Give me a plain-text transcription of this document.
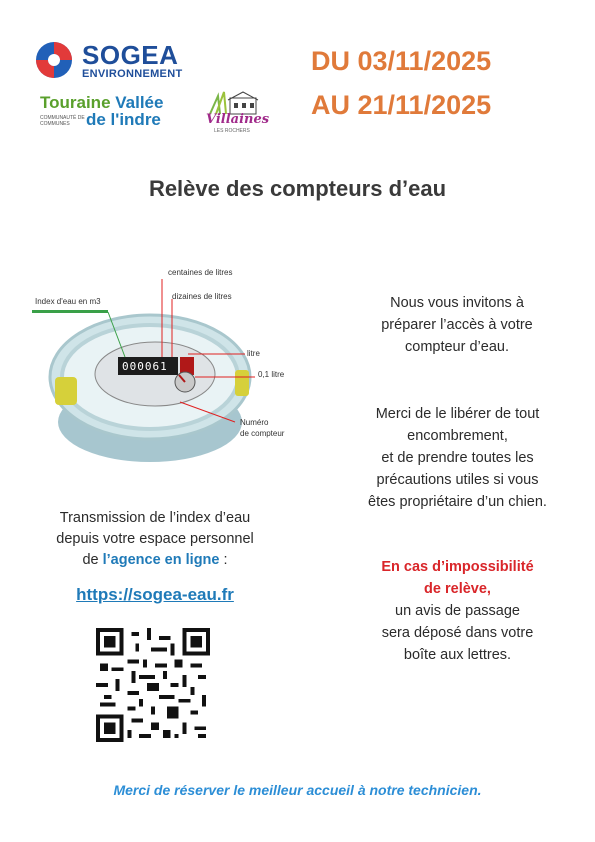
SOGEA
ENVIRONNEMENT
Touraine Vallée
COMMUNAUTÉ DE COMMUNES de l'indre	Villaines
LES ROCHERS
DU 03/11/2025
AU 21/11/2025
Relève des compteurs d’eau
Index d'eau en m3
centaines de litres
dizaines de litres
litre
0,1 litre
Numéro
de compteur
000061
Nous vous invitons à
préparer l’accès à votre
compteur d’eau.
Merci de le libérer de tout
encombrement,
et de prendre toutes les
précautions utiles si vous
êtes propriétaire d’un chien.
En cas d’impossibilité
de relève,
un avis de passage
sera déposé dans votre
boîte aux lettres.
Transmission de l’index d’eau
depuis votre espace personnel
de l’agence en ligne :
https://sogea-eau.fr
Merci de réserver le meilleur accueil à notre technicien.
